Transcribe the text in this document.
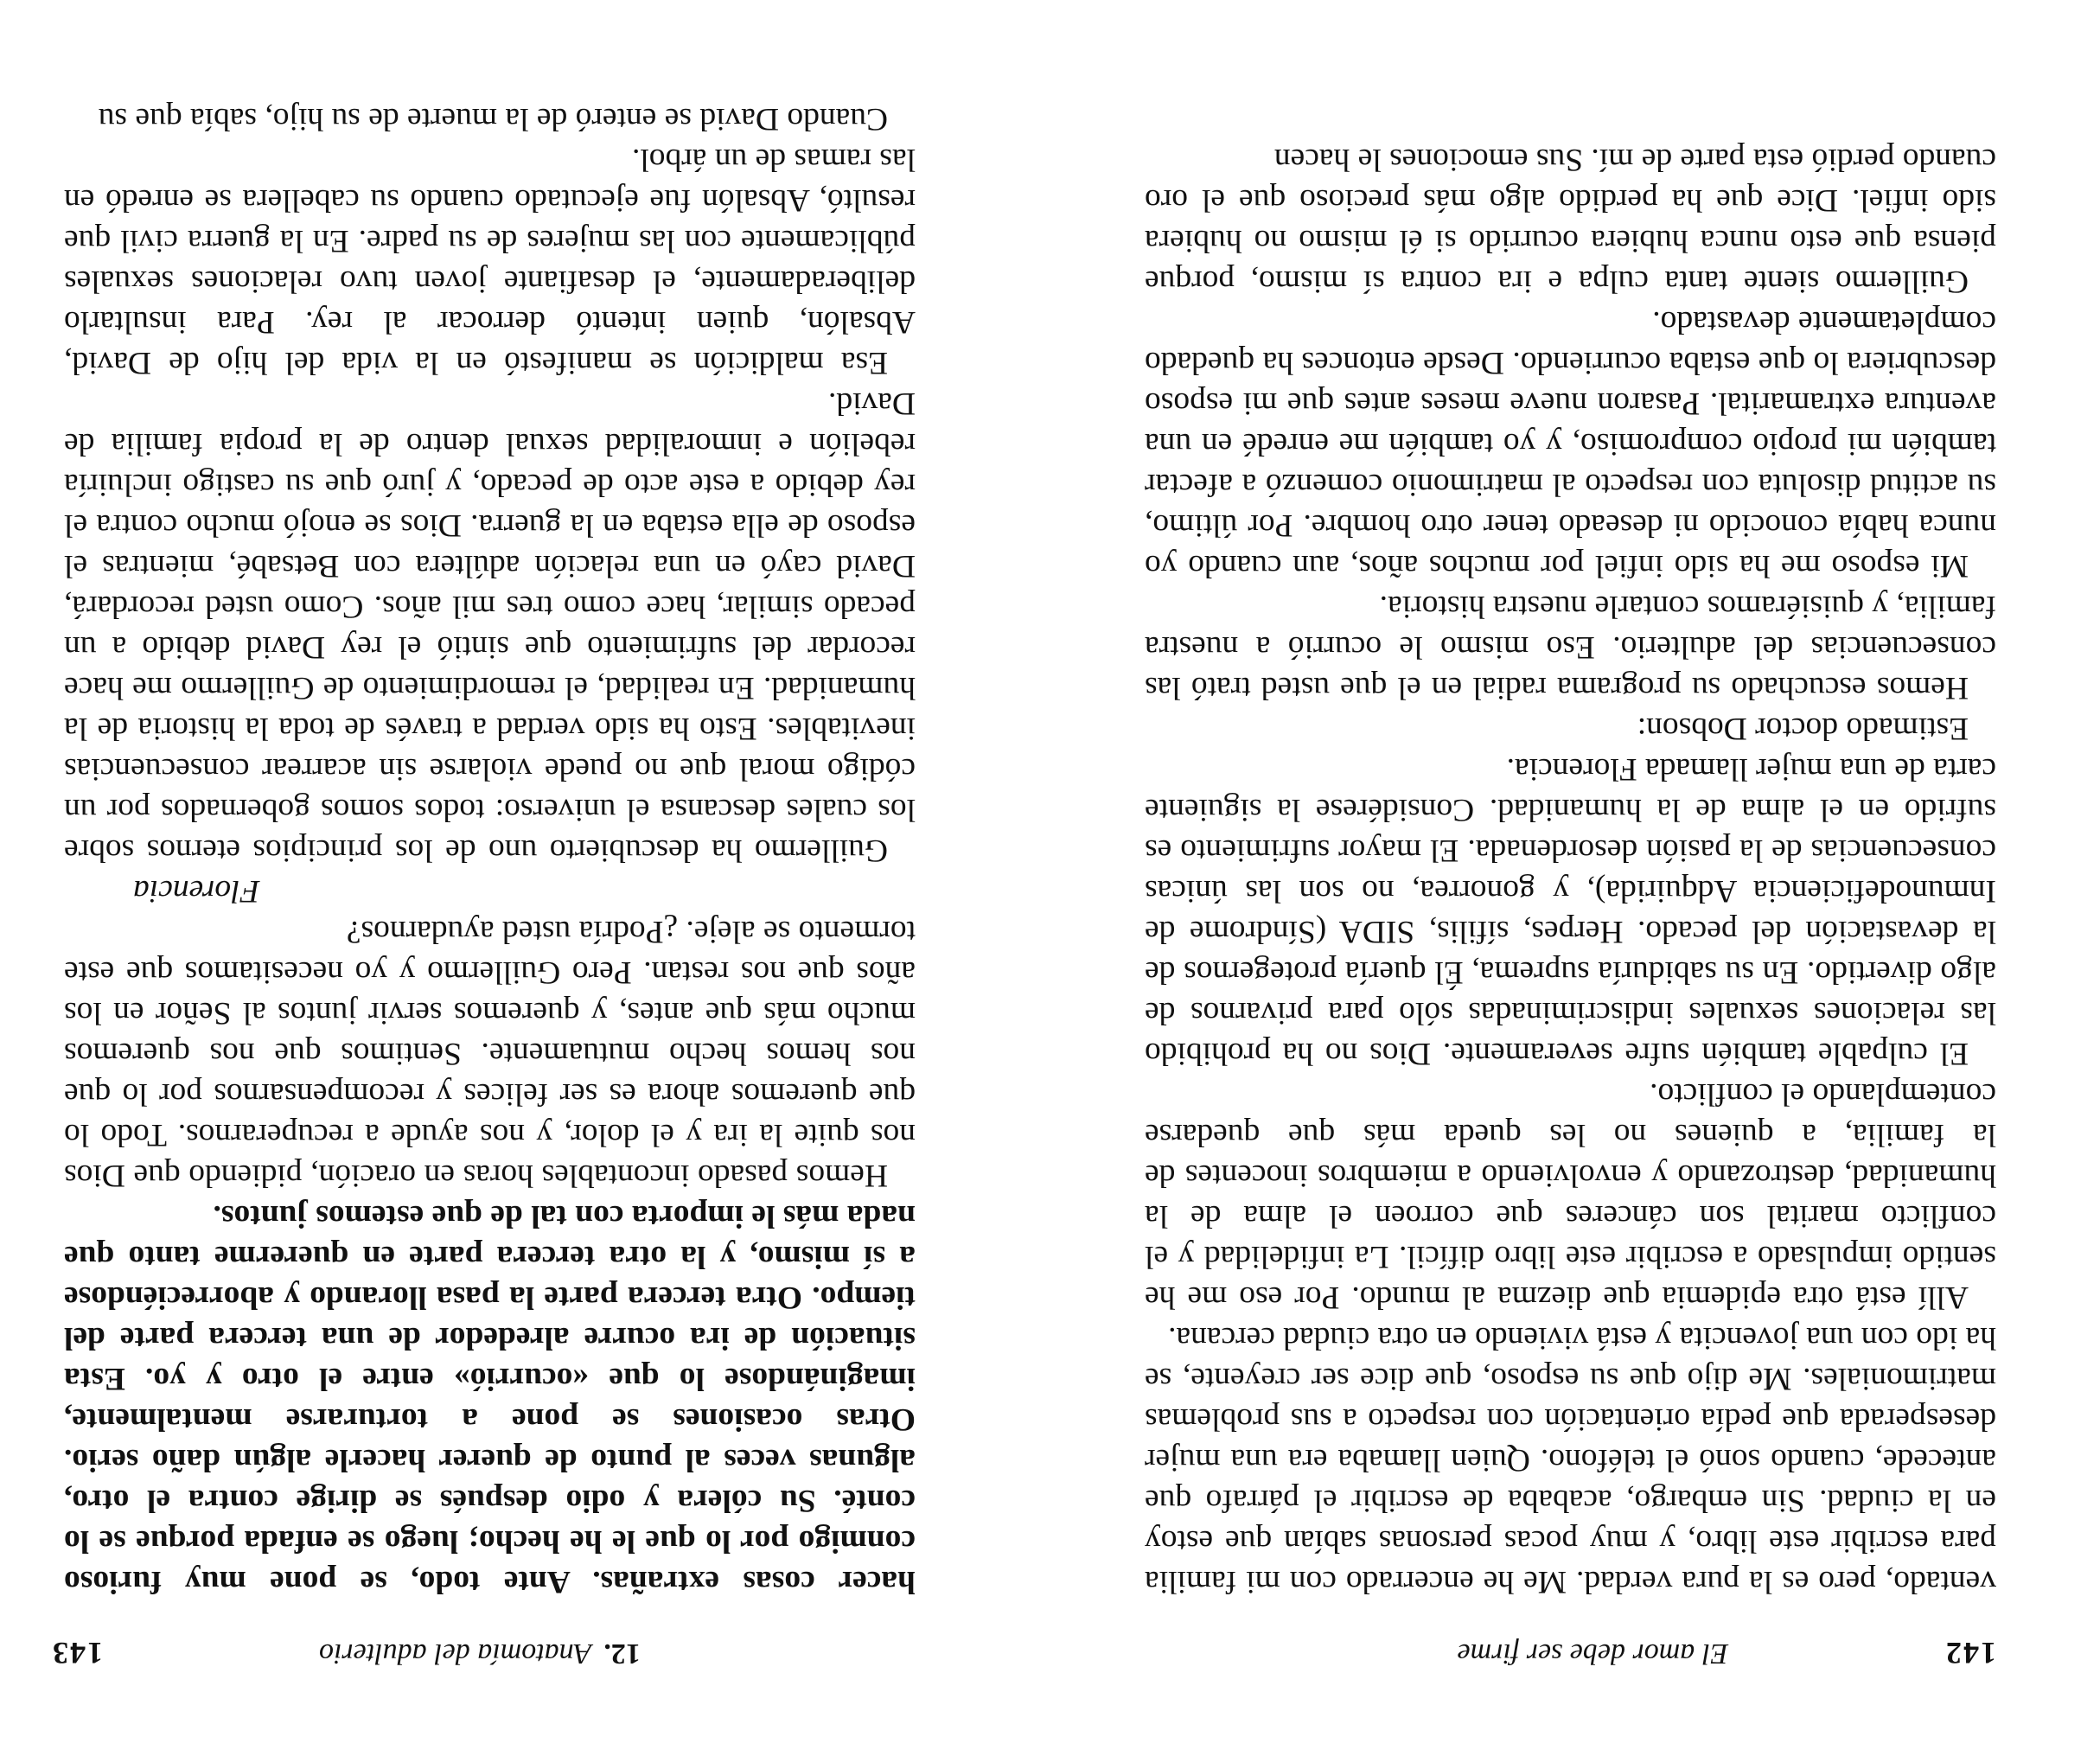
142
El amor debe ser firme

ventado, pero es la pura verdad. Me he encerrado con mi familia para escribir este libro, y muy pocas personas sabían que estoy en la ciudad. Sin embargo, acababa de escribir el párrafo que antecede, cuando sonó el teléfono. Quien llamaba era una mujer desesperada que pedía orientación con respecto a sus problemas matrimoniales. Me dijo que su esposo, que dice ser creyente, se ha ido con una jovencita y está viviendo en otra ciudad cercana.

Allí está otra epidemia que diezma al mundo. Por eso me he sentido impulsado a escribir este libro difícil. La infidelidad y el conflicto marital son cánceres que corroen el alma de la humanidad, destrozando y envolviendo a miembros inocentes de la familia, a quienes no les queda más que quedarse contemplando el conflicto.

El culpable también sufre severamente. Dios no ha prohibido las relaciones sexuales indiscriminadas sólo para privarnos de algo divertido. En su sabiduría suprema, Él quería protegernos de la devastación del pecado. Herpes, sífilis, SIDA (Síndrome de Inmunodeficiencia Adquirida), y gonorrea, no son las únicas consecuencias de la pasión desordenada. El mayor sufrimiento es sufrido en el alma de la humanidad. Considérese la siguiente carta de una mujer llamada Florencia.

Estimado doctor Dobson:

Hemos escuchado su programa radial en el que usted trató las consecuencias del adulterio. Eso mismo le ocurrió a nuestra familia, y quisiéramos contarle nuestra historia.

Mi esposo me ha sido infiel por muchos años, aun cuando yo nunca había conocido ni deseado tener otro hombre. Por último, su actitud disoluta con respecto al matrimonio comenzó a afectar también mi propio compromiso, y yo también me enredé en una aventura extramarital. Pasaron nueve meses antes que mi esposo descubriera lo que estaba ocurriendo. Desde entonces ha quedado completamente devastado.

Guillermo siente tanta culpa e ira contra sí mismo, porque piensa que esto nunca hubiera ocurrido si él mismo no hubiera sido infiel. Dice que ha perdido algo más precioso que el oro cuando perdió esta parte de mí. Sus emociones le hacen

12.Anatomía del adulterio
143

hacer cosas extrañas. Ante todo, se pone muy furioso conmigo por lo que le he hecho; luego se enfada porque se lo conté. Su cólera y odio después se dirige contra el otro, algunas veces al punto de querer hacerle algún daño serio. Otras ocasiones se pone a torturarse mentalmente, imaginándose lo que «ocurrió» entre el otro y yo. Esta situación de ira ocurre alrededor de una tercera parte del tiempo. Otra tercera parte la pasa llorando y aborreciéndose a sí mismo, y la otra tercera parte en quererme tanto que nada más le importa con tal de que estemos juntos.

Hemos pasado incontables horas en oración, pidiendo que Dios nos quite la ira y el dolor, y nos ayude a recuperarnos. Todo lo que queremos ahora es ser felices y recompensarnos por lo que nos hemos hecho mutuamente. Sentimos que nos queremos mucho más que antes, y queremos servir juntos al Señor en los años que nos restan. Pero Guillermo y yo necesitamos que este tormento se aleje. ¿Podría usted ayudarnos?

Florencia

Guillermo ha descubierto uno de los principios eternos sobre los cuales descansa el universo: todos somos gobernados por un código moral que no puede violarse sin acarrear consecuencias inevitables. Esto ha sido verdad a través de toda la historia de la humanidad. En realidad, el remordimiento de Guillermo me hace recordar del sufrimiento que sintió el rey David debido a un pecado similar, hace como tres mil años. Como usted recordará, David cayó en una relación adúltera con Betsabé, mientras el esposo de ella estaba en la guerra. Dios se enojó mucho contra el rey debido a este acto de pecado, y juró que su castigo incluiría rebelión e inmoralidad sexual dentro de la propia familia de David.

Esa maldición se manifestó en la vida del hijo de David, Absalón, quien intentó derrocar al rey. Para insultarlo deliberadamente, el desafiante joven tuvo relaciones sexuales públicamente con las mujeres de su padre. En la guerra civil que resultó, Absalón fue ejecutado cuando su cabellera se enredó en las ramas de un árbol.

Cuando David se enteró de la muerte de su hijo, sabía que su
